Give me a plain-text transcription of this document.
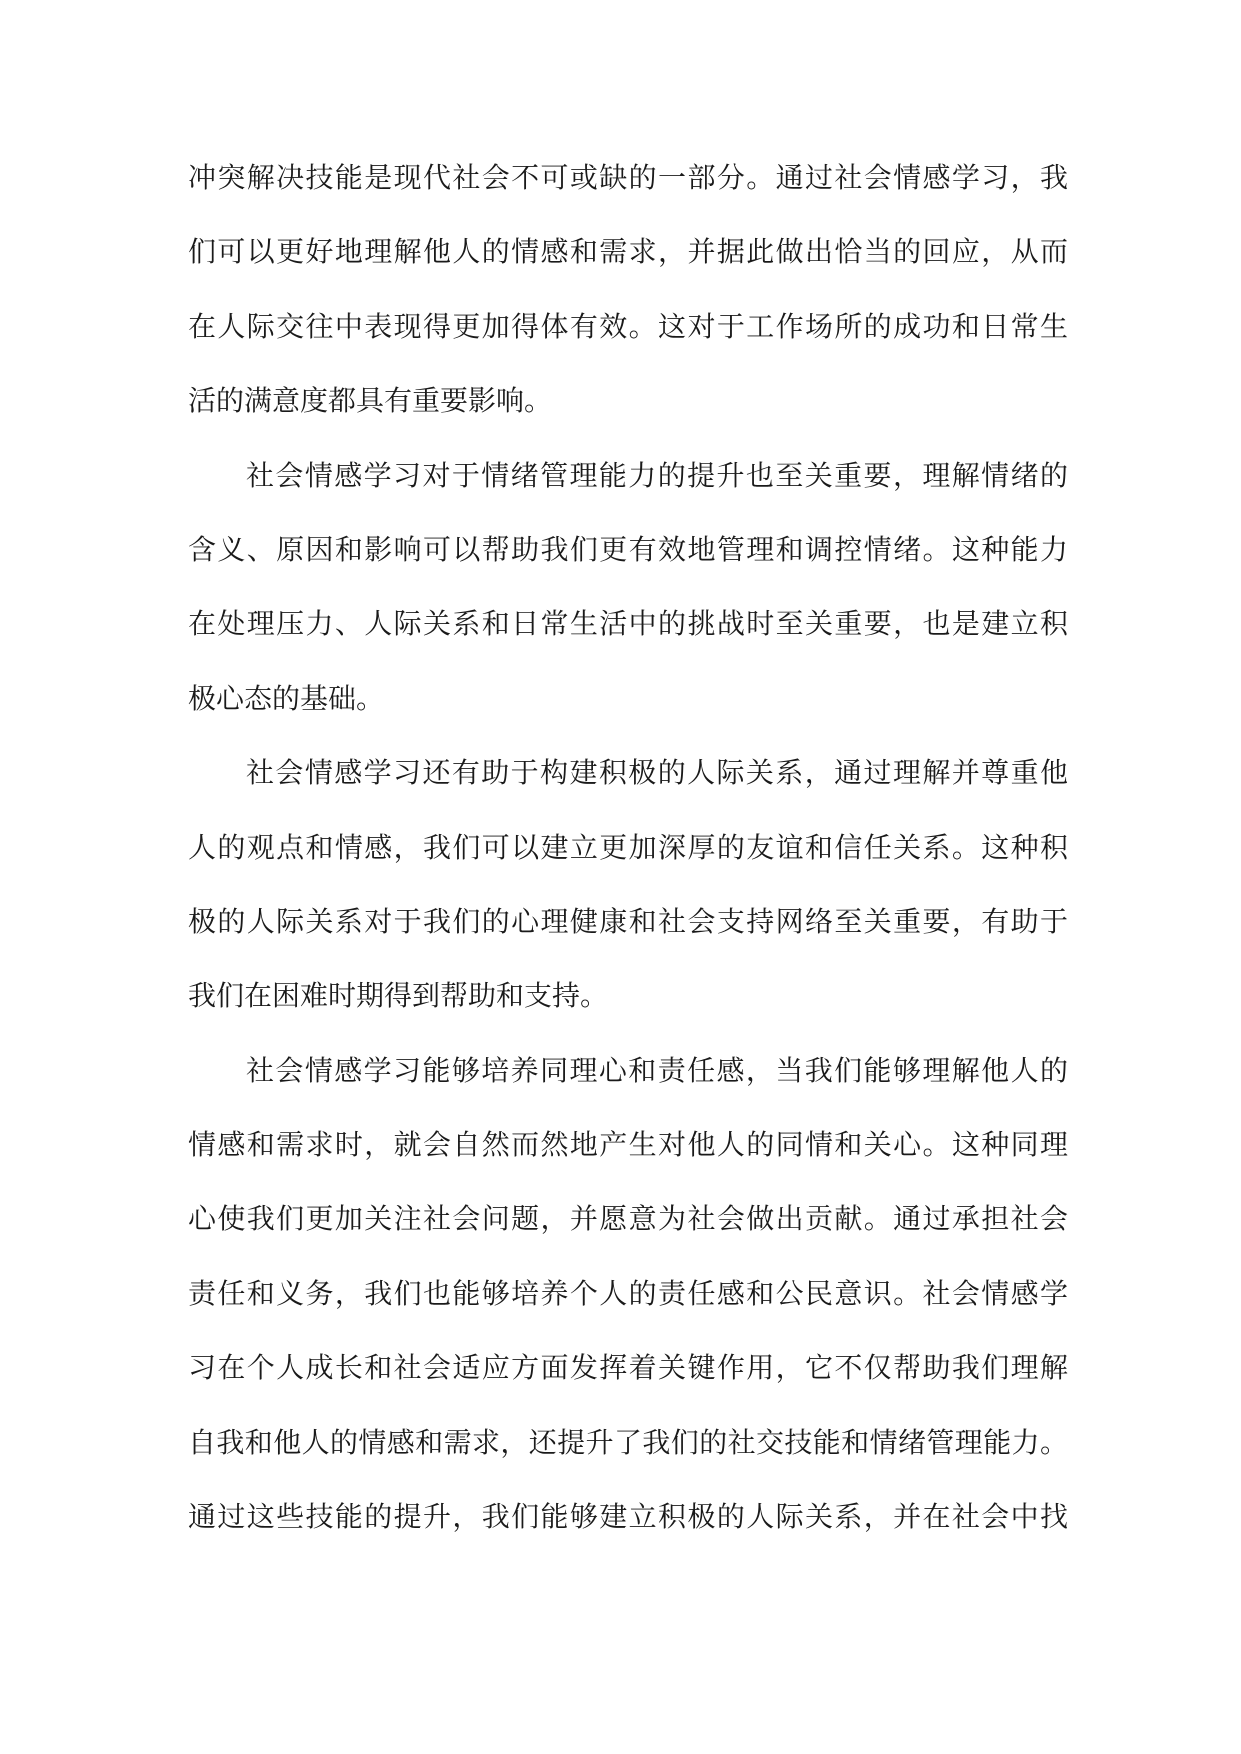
冲突解决技能是现代社会不可或缺的一部分。通过社会情感学习，我
们可以更好地理解他人的情感和需求，并据此做出恰当的回应，从而
在人际交往中表现得更加得体有效。这对于工作场所的成功和日常生
活的满意度都具有重要影响。
社会情感学习对于情绪管理能力的提升也至关重要，理解情绪的
含义、原因和影响可以帮助我们更有效地管理和调控情绪。这种能力
在处理压力、人际关系和日常生活中的挑战时至关重要，也是建立积
极心态的基础。
社会情感学习还有助于构建积极的人际关系，通过理解并尊重他
人的观点和情感，我们可以建立更加深厚的友谊和信任关系。这种积
极的人际关系对于我们的心理健康和社会支持网络至关重要，有助于
我们在困难时期得到帮助和支持。
社会情感学习能够培养同理心和责任感，当我们能够理解他人的
情感和需求时，就会自然而然地产生对他人的同情和关心。这种同理
心使我们更加关注社会问题，并愿意为社会做出贡献。通过承担社会
责任和义务，我们也能够培养个人的责任感和公民意识。社会情感学
习在个人成长和社会适应方面发挥着关键作用，它不仅帮助我们理解
自我和他人的情感和需求，还提升了我们的社交技能和情绪管理能力。
通过这些技能的提升，我们能够建立积极的人际关系，并在社会中找
